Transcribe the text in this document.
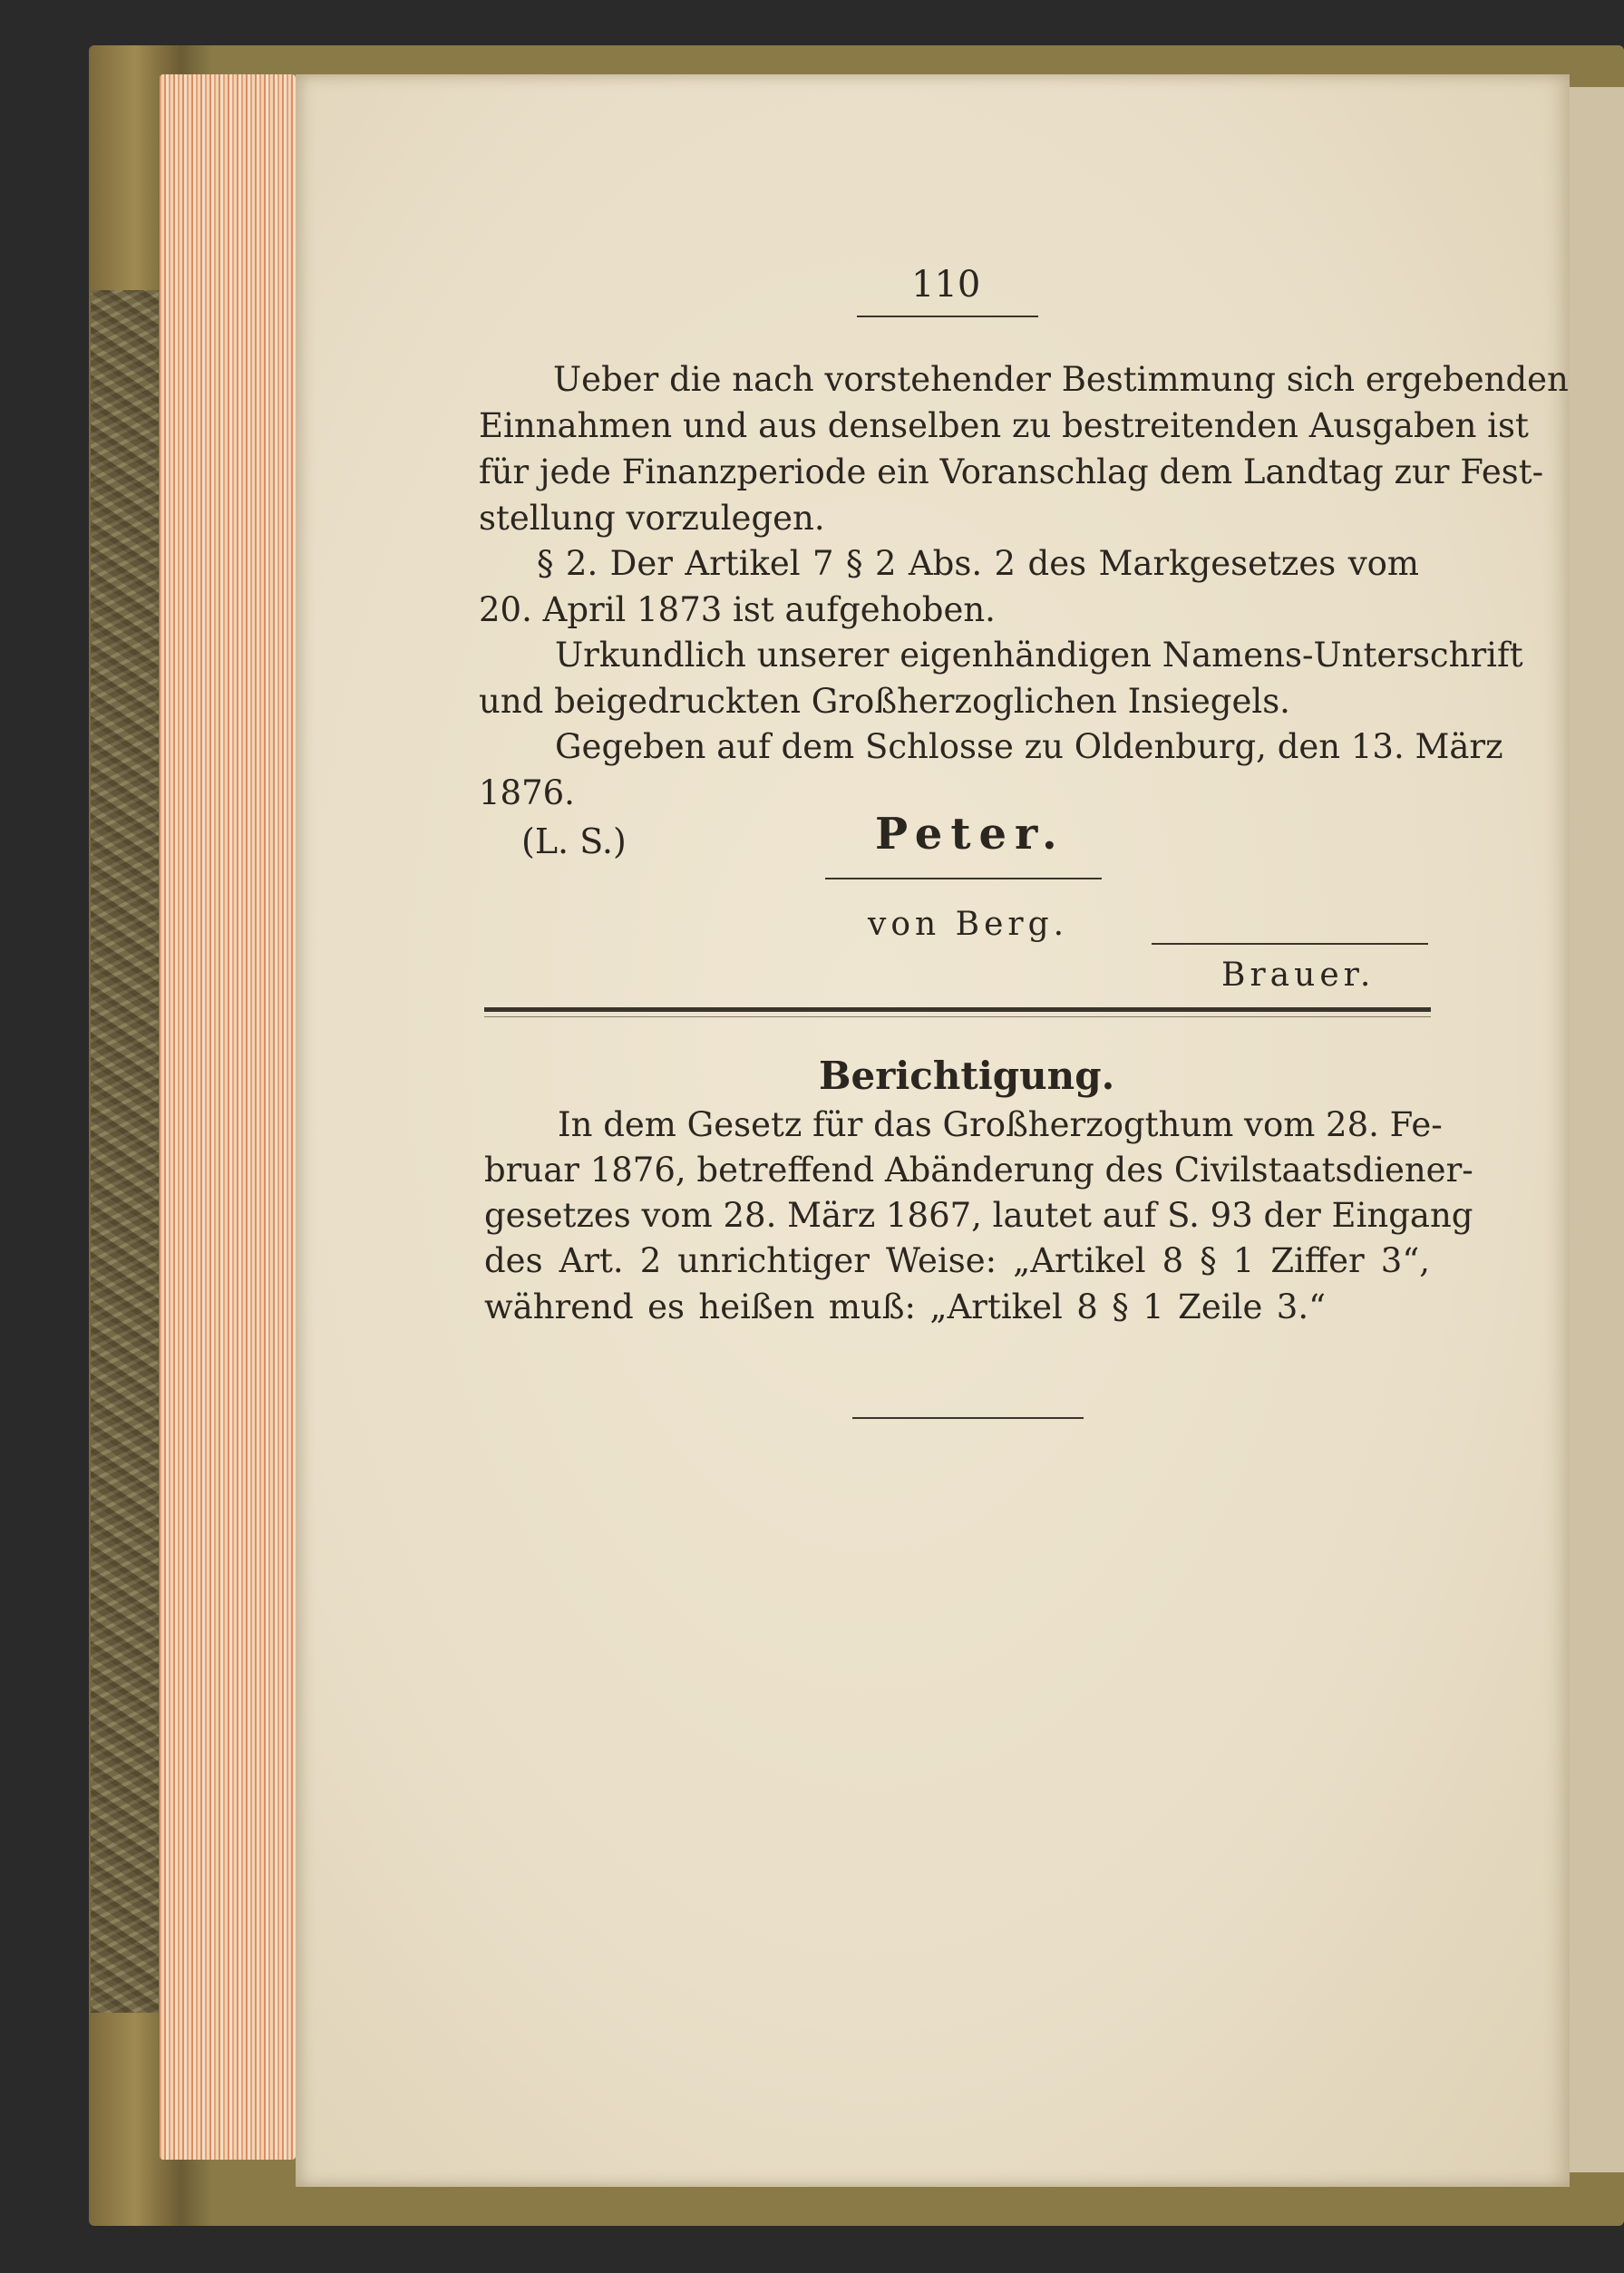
110
Ueber die nach vorstehender Bestimmung sich ergebenden
Einnahmen und aus denselben zu bestreitenden Ausgaben ist
für jede Finanzperiode ein Voranschlag dem Landtag zur Fest-
stellung vorzulegen.
§ 2. Der Artikel 7 § 2 Abs. 2 des Markgesetzes vom
20. April 1873 ist aufgehoben.
Urkundlich unserer eigenhändigen Namens-Unterschrift
und beigedruckten Großherzoglichen Insiegels.
Gegeben auf dem Schlosse zu Oldenburg, den 13. März
1876.
(L. S.)	Peter.
von Berg.
Brauer.
Berichtigung.
In dem Gesetz für das Großherzogthum vom 28. Fe-
bruar 1876, betreffend Abänderung des Civilstaatsdiener-
gesetzes vom 28. März 1867, lautet auf S. 93 der Eingang
des Art. 2 unrichtiger Weise: „Artikel 8 § 1 Ziffer 3“,
während es heißen muß: „Artikel 8 § 1 Zeile 3.“
